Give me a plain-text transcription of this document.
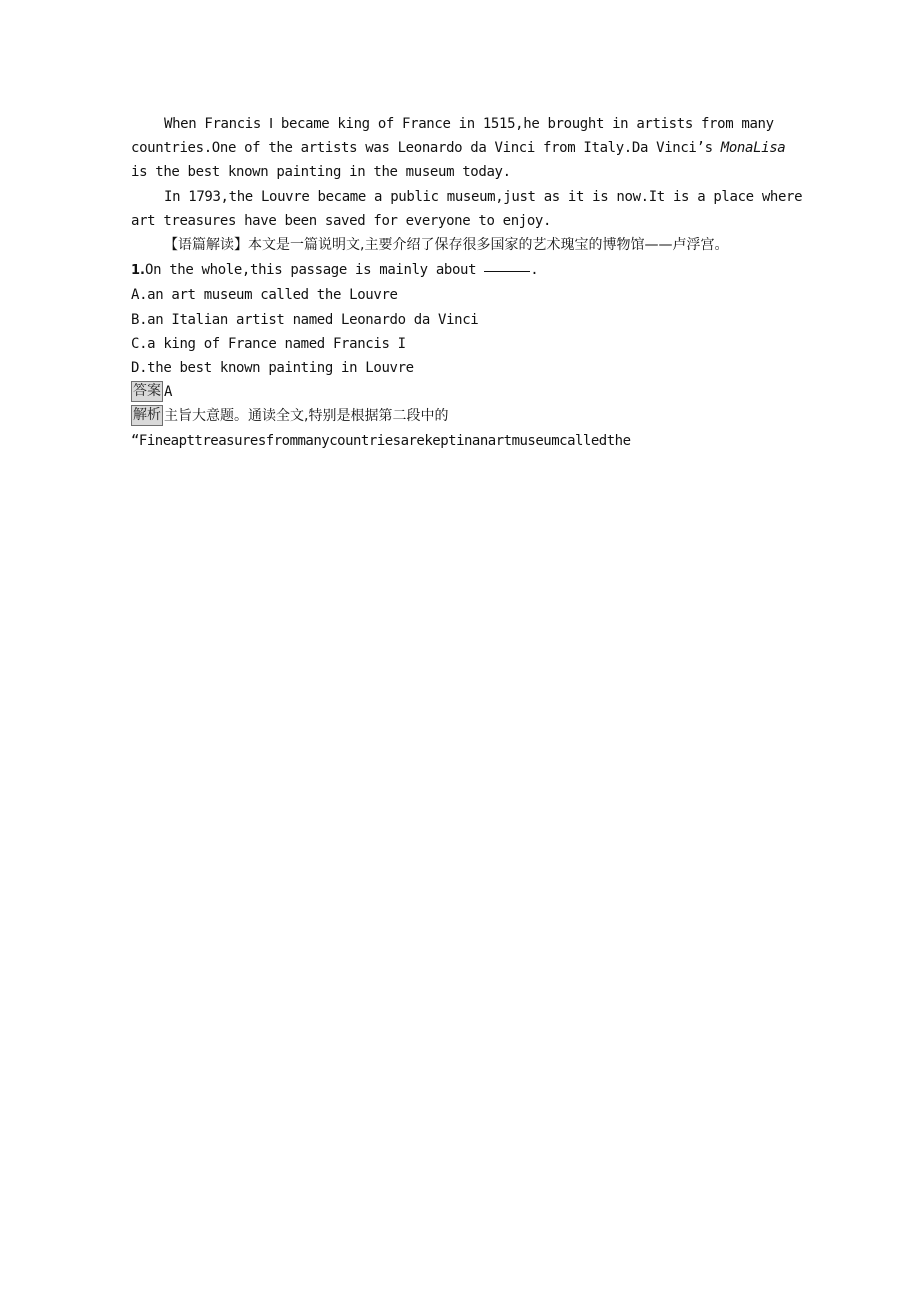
When Francis Ⅰ became king of France in 1515,he brought in artists from many
countries.One of the artists was Leonardo da Vinci from Italy.Da Vinci’s MonaLisa
is the best known painting in the museum today.
In 1793,the Louvre became a public museum,just as it is now.It is a place where
art treasures have been saved for everyone to enjoy.

【语篇解读】本文是一篇说明文,主要介绍了保存很多国家的艺术瑰宝的博物馆——卢浮宫。

1.On the whole,this passage is mainly about	.
A.an art museum called the Louvre
B.an Italian artist named Leonardo da Vinci
C.a king of France named Francis I
D.the best known painting in Louvre
答案 A
解析 主旨大意题。通读全文,特别是根据第二段中的
“Fineарttreasuresfrommanycountriesarekeptinanartmuseumcalledthe
